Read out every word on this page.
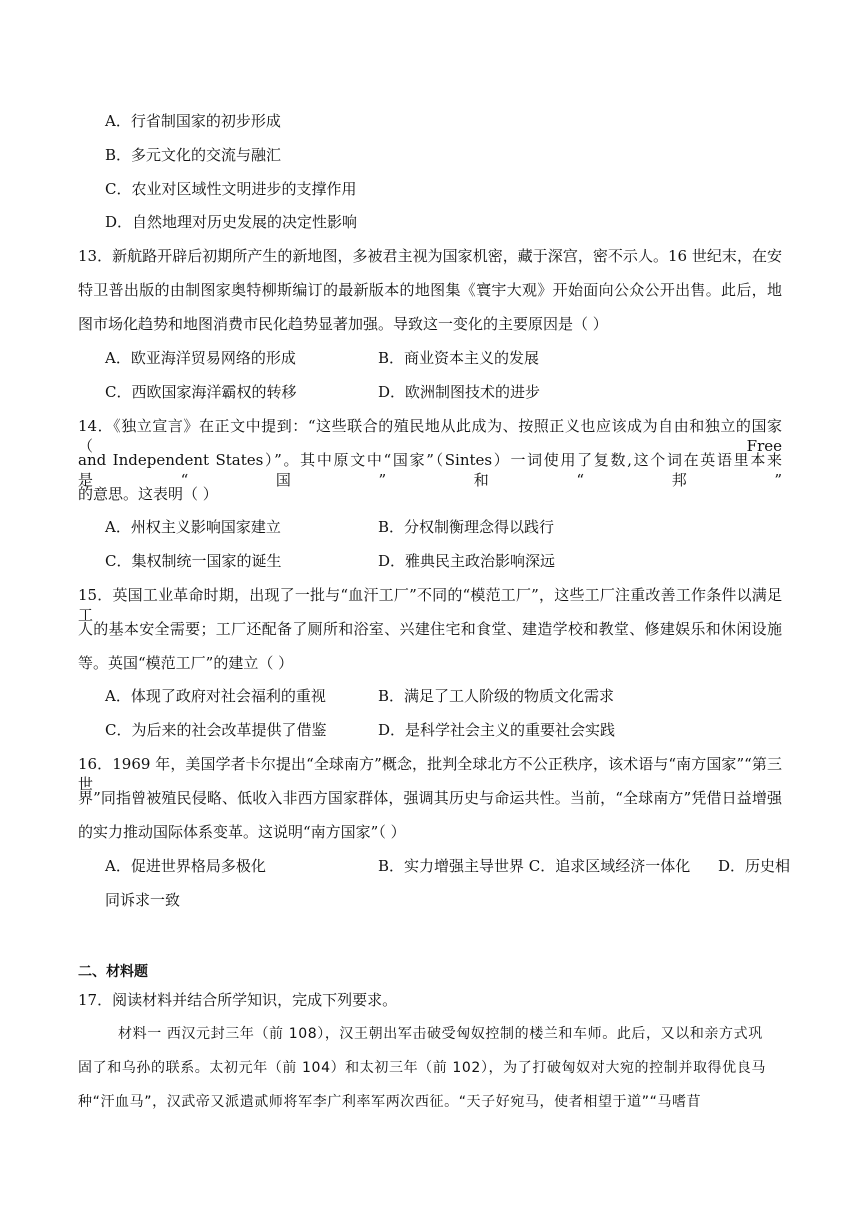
A．行省制国家的初步形成
B．多元文化的交流与融汇
C．农业对区域性文明进步的支撑作用
D．自然地理对历史发展的决定性影响
13．新航路开辟后初期所产生的新地图，多被君主视为国家机密，藏于深宫，密不示人。16 世纪末，在安
特卫普出版的由制图家奥特柳斯编订的最新版本的地图集《寰宇大观》开始面向公众公开出售。此后，地
图市场化趋势和地图消费市民化趋势显著加强。导致这一变化的主要原因是（ ）
A．欧亚海洋贸易网络的形成	B．商业资本主义的发展
C．西欧国家海洋霸权的转移	D．欧洲制图技术的进步
14．《独立宣言》在正文中提到：“这些联合的殖民地从此成为、按照正义也应该成为自由和独立的国家（Free
and Independent States）”。其中原文中“国家”（Sintes）一词使用了复数,这个词在英语里本来是“国”和“邦”
的意思。这表明（ ）
A．州权主义影响国家建立	B．分权制衡理念得以践行
C．集权制统一国家的诞生	D．雅典民主政治影响深远
15．英国工业革命时期，出现了一批与“血汗工厂”不同的“模范工厂”，这些工厂注重改善工作条件以满足工
人的基本安全需要；工厂还配备了厕所和浴室、兴建住宅和食堂、建造学校和教堂、修建娱乐和休闲设施
等。英国“模范工厂”的建立（ ）
A．体现了政府对社会福利的重视	B．满足了工人阶级的物质文化需求
C．为后来的社会改革提供了借鉴	D．是科学社会主义的重要社会实践
16．1969 年，美国学者卡尔提出“全球南方”概念，批判全球北方不公正秩序，该术语与“南方国家”“第三世
界”同指曾被殖民侵略、低收入非西方国家群体，强调其历史与命运共性。当前，“全球南方”凭借日益增强
的实力推动国际体系变革。这说明“南方国家”（ ）
A．促进世界格局多极化	B．实力增强主导世界 C．追求区域经济一体化 D．历史相
同诉求一致
二、材料题
17．阅读材料并结合所学知识，完成下列要求。
材料一 西汉元封三年（前 108），汉王朝出军击破受匈奴控制的楼兰和车师。此后，又以和亲方式巩
固了和乌孙的联系。太初元年（前 104）和太初三年（前 102），为了打破匈奴对大宛的控制并取得优良马
种“汗血马”，汉武帝又派遣贰师将军李广利率军两次西征。“天子好宛马，使者相望于道”“马嗜苜
